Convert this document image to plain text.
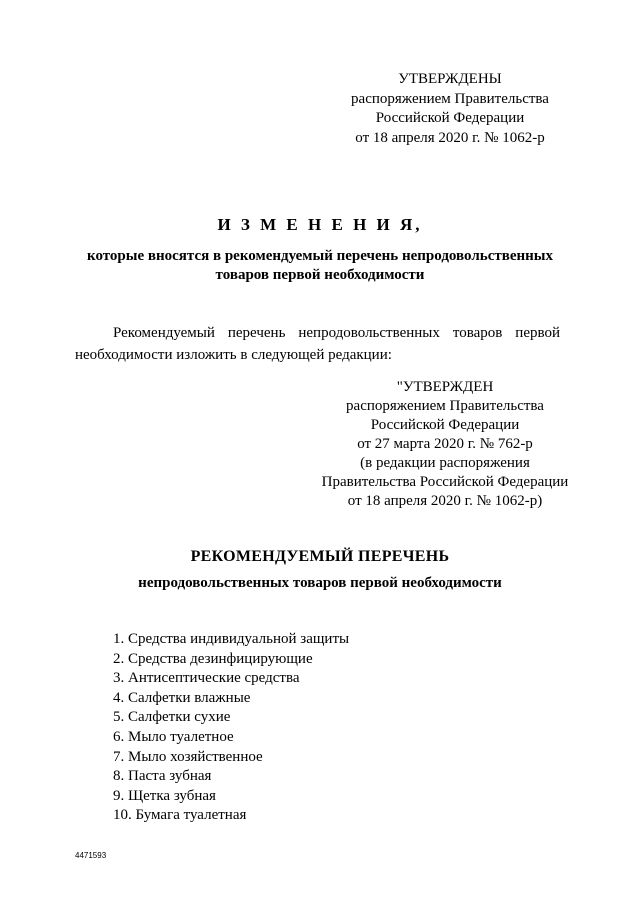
УТВЕРЖДЕНЫ
распоряжением Правительства
Российской Федерации
от 18 апреля 2020 г. № 1062-р
И З М Е Н Е Н И Я,
которые вносятся в рекомендуемый перечень непродовольственных
товаров первой необходимости
Рекомендуемый перечень непродовольственных товаров первой необходимости изложить в следующей редакции:
"УТВЕРЖДЕН
распоряжением Правительства
Российской Федерации
от 27 марта 2020 г. № 762-р
(в редакции распоряжения
Правительства Российской Федерации
от 18 апреля 2020 г. № 1062-р)
РЕКОМЕНДУЕМЫЙ ПЕРЕЧЕНЬ
непродовольственных товаров первой необходимости
1. Средства индивидуальной защиты
2. Средства дезинфицирующие
3. Антисептические средства
4. Салфетки влажные
5. Салфетки сухие
6. Мыло туалетное
7. Мыло хозяйственное
8. Паста зубная
9. Щетка зубная
10. Бумага туалетная
4471593
